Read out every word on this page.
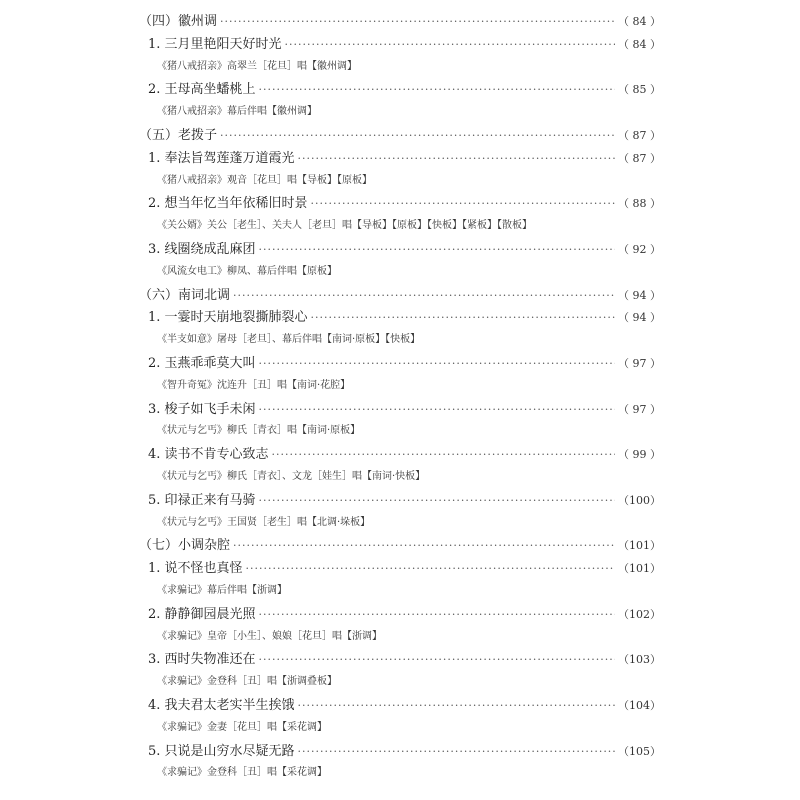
（四）徽州调 ·····	（ 84 ）
1. 三月里艳阳天好时光 ·····	（ 84 ）
《猪八戒招亲》高翠兰［花旦］唱【徽州调】
2. 王母高坐蟠桃上 ·····	（ 85 ）
《猪八戒招亲》幕后伴唱【徽州调】
（五）老拨子 ·····	（ 87 ）
1. 奉法旨驾莲蓬万道霞光 ·····	（ 87 ）
《猪八戒招亲》观音［花旦］唱【导板】【原板】
2. 想当年忆当年依稀旧时景 ·····	（ 88 ）
《关公婿》关公［老生］、关夫人［老旦］唱【导板】【原板】【快板】【紧板】【散板】
3. 线圈绕成乱麻团 ·····	（ 92 ）
《风流女电工》柳凤、幕后伴唱【原板】
（六）南词北调 ·····	（ 94 ）
1. 一霎时天崩地裂撕肺裂心 ·····	（ 94 ）
《半支如意》屠母［老旦］、幕后伴唱【南词·原板】【快板】
2. 玉燕乖乖莫大叫 ·····	（ 97 ）
《智升奇冤》沈连升［丑］唱【南词·花腔】
3. 梭子如飞手未闲 ·····	（ 97 ）
《状元与乞丐》柳氏［青衣］唱【南词·原板】
4. 读书不肯专心致志 ·····	（ 99 ）
《状元与乞丐》柳氏［青衣］、文龙［娃生］唱【南词·快板】
5. 印禄正来有马骑 ·····	（100）
《状元与乞丐》王国贤［老生］唱【北调·垛板】
（七）小调杂腔 ·····	（101）
1. 说不怪也真怪 ·····	（101）
《求骗记》幕后伴唱【浙调】
2. 静静御园晨光照 ·····	（102）
《求骗记》皇帝［小生］、娘娘［花旦］唱【浙调】
3. 西时失物准还在 ·····	（103）
《求骗记》金登科［丑］唱【浙调叠板】
4. 我夫君太老实半生挨饿 ·····	（104）
《求骗记》金妻［花旦］唱【采花调】
5. 只说是山穷水尽疑无路 ·····	（105）
《求骗记》金登科［丑］唱【采花调】
